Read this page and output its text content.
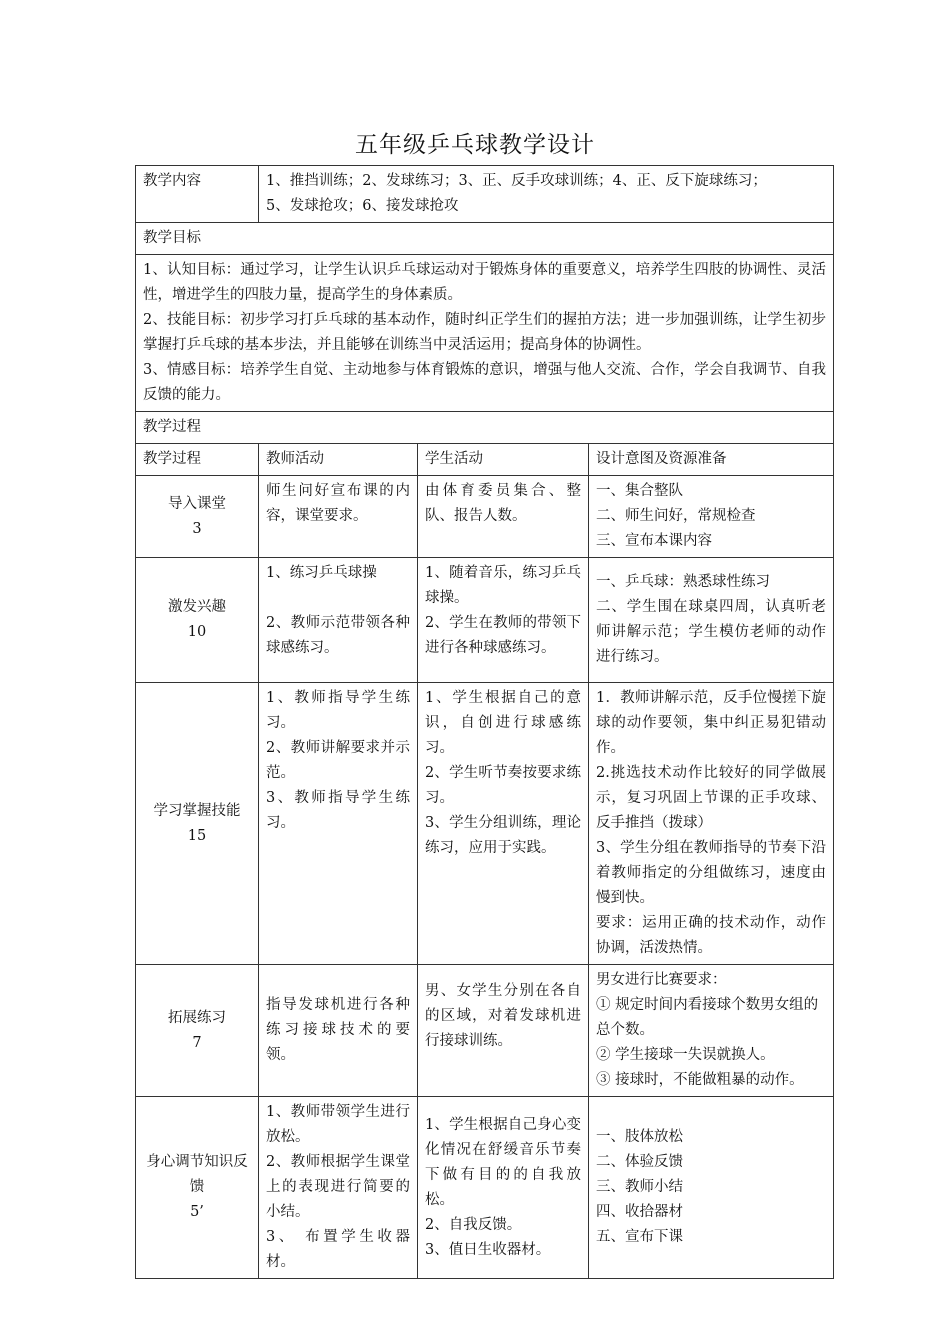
五年级乒乓球教学设计
教学内容	1、推挡训练；2、发球练习；3、正、反手攻球训练；4、正、反下旋球练习；
5、发球抢攻；6、接发球抢攻		

教学目标			

1、认知目标：通过学习，让学生认识乒乓球运动对于锻炼身体的重要意义，培养学生四肢的协调性、灵活性，增进学生的四肢力量，提高学生的身体素质。
2、技能目标：初步学习打乒乓球的基本动作，随时纠正学生们的握拍方法；进一步加强训练，让学生初步掌握打乒乓球的基本步法，并且能够在训练当中灵活运用；提高身体的协调性。
3、情感目标：培养学生自觉、主动地参与体育锻炼的意识，增强与他人交流、合作，学会自我调节、自我反馈的能力。			

教学过程			
教学过程	教师活动	学生活动	设计意图及资源准备

导入课堂
3	师生问好宣布课的内容，课堂要求。	由体育委员集合、整队、报告人数。	一、集合整队
二、师生问好，常规检查
三、宣布本课内容

激发兴趣
10	1、练习乒乓球操
2、教师示范带领各种球感练习。	1、随着音乐，练习乒乓球操。
2、学生在教师的带领下进行各种球感练习。	一、乒乓球：熟悉球性练习
二、学生围在球桌四周，认真听老师讲解示范；学生模仿老师的动作进行练习。

学习掌握技能
15	1、教师指导学生练习。
2、教师讲解要求并示范。
3、教师指导学生练习。	1、学生根据自己的意识，自创进行球感练习。
2、学生听节奏按要求练习。
3、学生分组训练，理论练习，应用于实践。	1．教师讲解示范，反手位慢搓下旋球的动作要领，集中纠正易犯错动作。
2.挑选技术动作比较好的同学做展示，复习巩固上节课的正手攻球、反手推挡（拨球）
3、学生分组在教师指导的节奏下沿着教师指定的分组做练习，速度由慢到快。
要求：运用正确的技术动作，动作协调，活泼热情。

拓展练习
7	指导发球机进行各种练习接球技术的要领。	男、女学生分别在各自的区域，对着发球机进行接球训练。	男女进行比赛要求：
① 规定时间内看接球个数男女组的总个数。
② 学生接球一失误就换人。
③ 接球时，不能做粗暴的动作。

身心调节知识反馈
5’	1、教师带领学生进行放松。
2、教师根据学生课堂上的表现进行简要的小结。
3、 布置学生收器材。	1、学生根据自己身心变化情况在舒缓音乐节奏下做有目的的自我放松。
2、自我反馈。
3、值日生收器材。	一、肢体放松
二、体验反馈
三、教师小结
四、收拾器材
五、宣布下课
